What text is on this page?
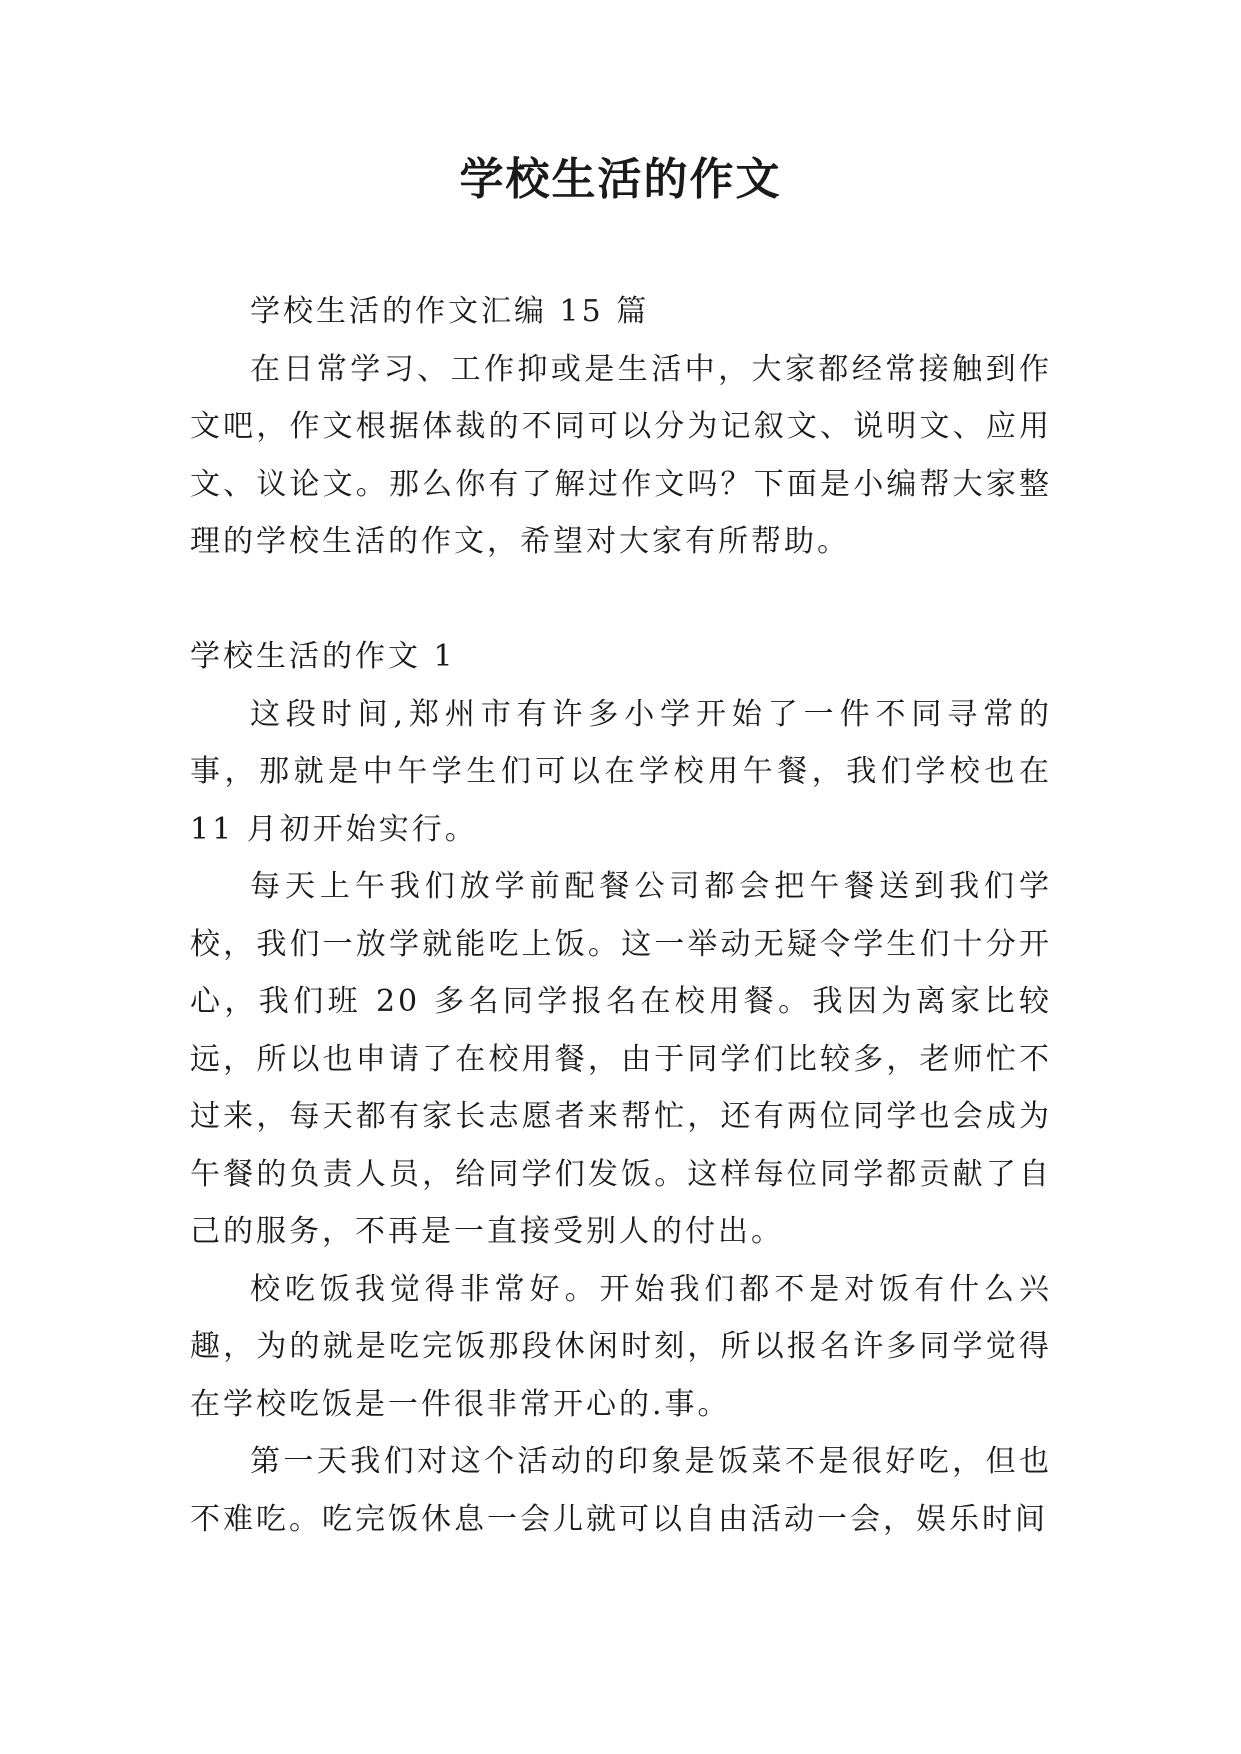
学校生活的作文

学校生活的作文汇编 15 篇

在日常学习、工作抑或是生活中，大家都经常接触到作文吧，作文根据体裁的不同可以分为记叙文、说明文、应用文、议论文。那么你有了解过作文吗？下面是小编帮大家整理的学校生活的作文，希望对大家有所帮助。

学校生活的作文 1

这段时间,郑州市有许多小学开始了一件不同寻常的事，那就是中午学生们可以在学校用午餐，我们学校也在 11 月初开始实行。

每天上午我们放学前配餐公司都会把午餐送到我们学校，我们一放学就能吃上饭。这一举动无疑令学生们十分开心，我们班 20 多名同学报名在校用餐。我因为离家比较远，所以也申请了在校用餐，由于同学们比较多，老师忙不过来，每天都有家长志愿者来帮忙，还有两位同学也会成为午餐的负责人员，给同学们发饭。这样每位同学都贡献了自己的服务，不再是一直接受别人的付出。

校吃饭我觉得非常好。开始我们都不是对饭有什么兴趣，为的就是吃完饭那段休闲时刻，所以报名许多同学觉得在学校吃饭是一件很非常开心的.事。

第一天我们对这个活动的印象是饭菜不是很好吃，但也不难吃。吃完饭休息一会儿就可以自由活动一会，娱乐时间
